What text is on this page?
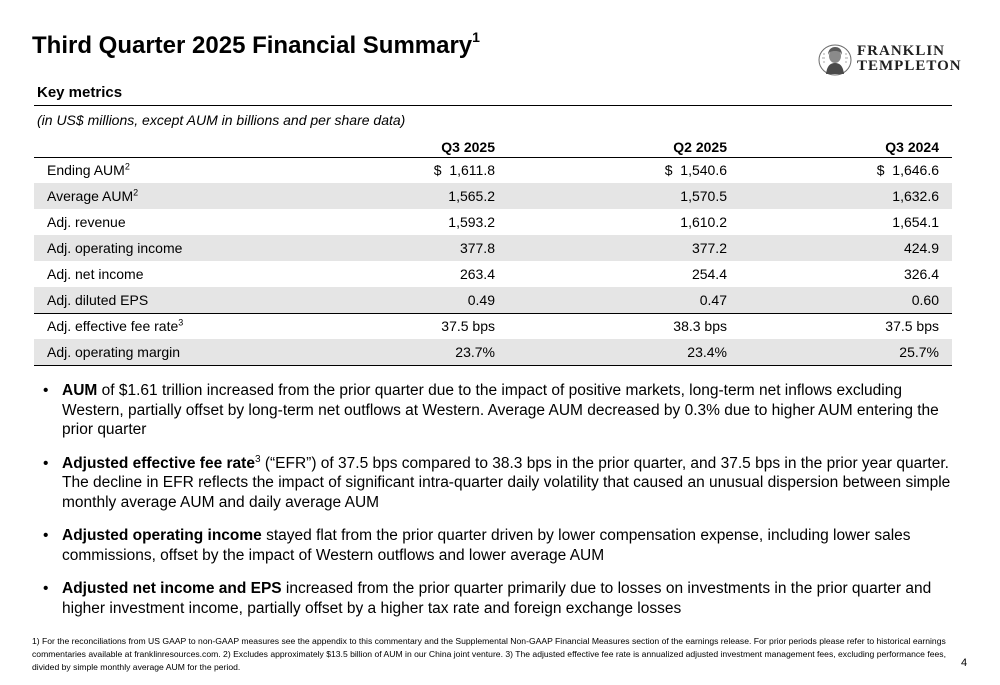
Third Quarter 2025 Financial Summary$^1$
FRANKLIN
TEMPLETON
Key metrics
(in US$ millions, except AUM in billions and per share data)
	Q3 2025	Q2 2025	Q3 2024
Ending AUM$^2$	$ 1,611.8	$ 1,540.6	$ 1,646.6
Average AUM$^2$	1,565.2	1,570.5	1,632.6
Adj. revenue	1,593.2	1,610.2	1,654.1
Adj. operating income	377.8	377.2	424.9
Adj. net income	263.4	254.4	326.4
Adj. diluted EPS	0.49	0.47	0.60
Adj. effective fee rate$^3$	37.5 bps	38.3 bps	37.5 bps
Adj. operating margin	23.7%	23.4%	25.7%
• AUM of $1.61 trillion increased from the prior quarter due to the impact of positive markets, long-term net inflows excluding Western, partially offset by long-term net outflows at Western. Average AUM decreased by 0.3% due to higher AUM entering the prior quarter
• Adjusted effective fee rate$^3$ (“EFR”) of 37.5 bps compared to 38.3 bps in the prior quarter, and 37.5 bps in the prior year quarter. The decline in EFR reflects the impact of significant intra-quarter daily volatility that caused an unusual dispersion between simple monthly average AUM and daily average AUM
• Adjusted operating income stayed flat from the prior quarter driven by lower compensation expense, including lower sales commissions, offset by the impact of Western outflows and lower average AUM
• Adjusted net income and EPS increased from the prior quarter primarily due to losses on investments in the prior quarter and higher investment income, partially offset by a higher tax rate and foreign exchange losses
1) For the reconciliations from US GAAP to non-GAAP measures see the appendix to this commentary and the Supplemental Non-GAAP Financial Measures section of the earnings release. For prior periods please refer to historical earnings commentaries available at franklinresources.com. 2) Excludes approximately $13.5 billion of AUM in our China joint venture. 3) The adjusted effective fee rate is annualized adjusted investment management fees, excluding performance fees, divided by simple monthly average AUM for the period.	4
